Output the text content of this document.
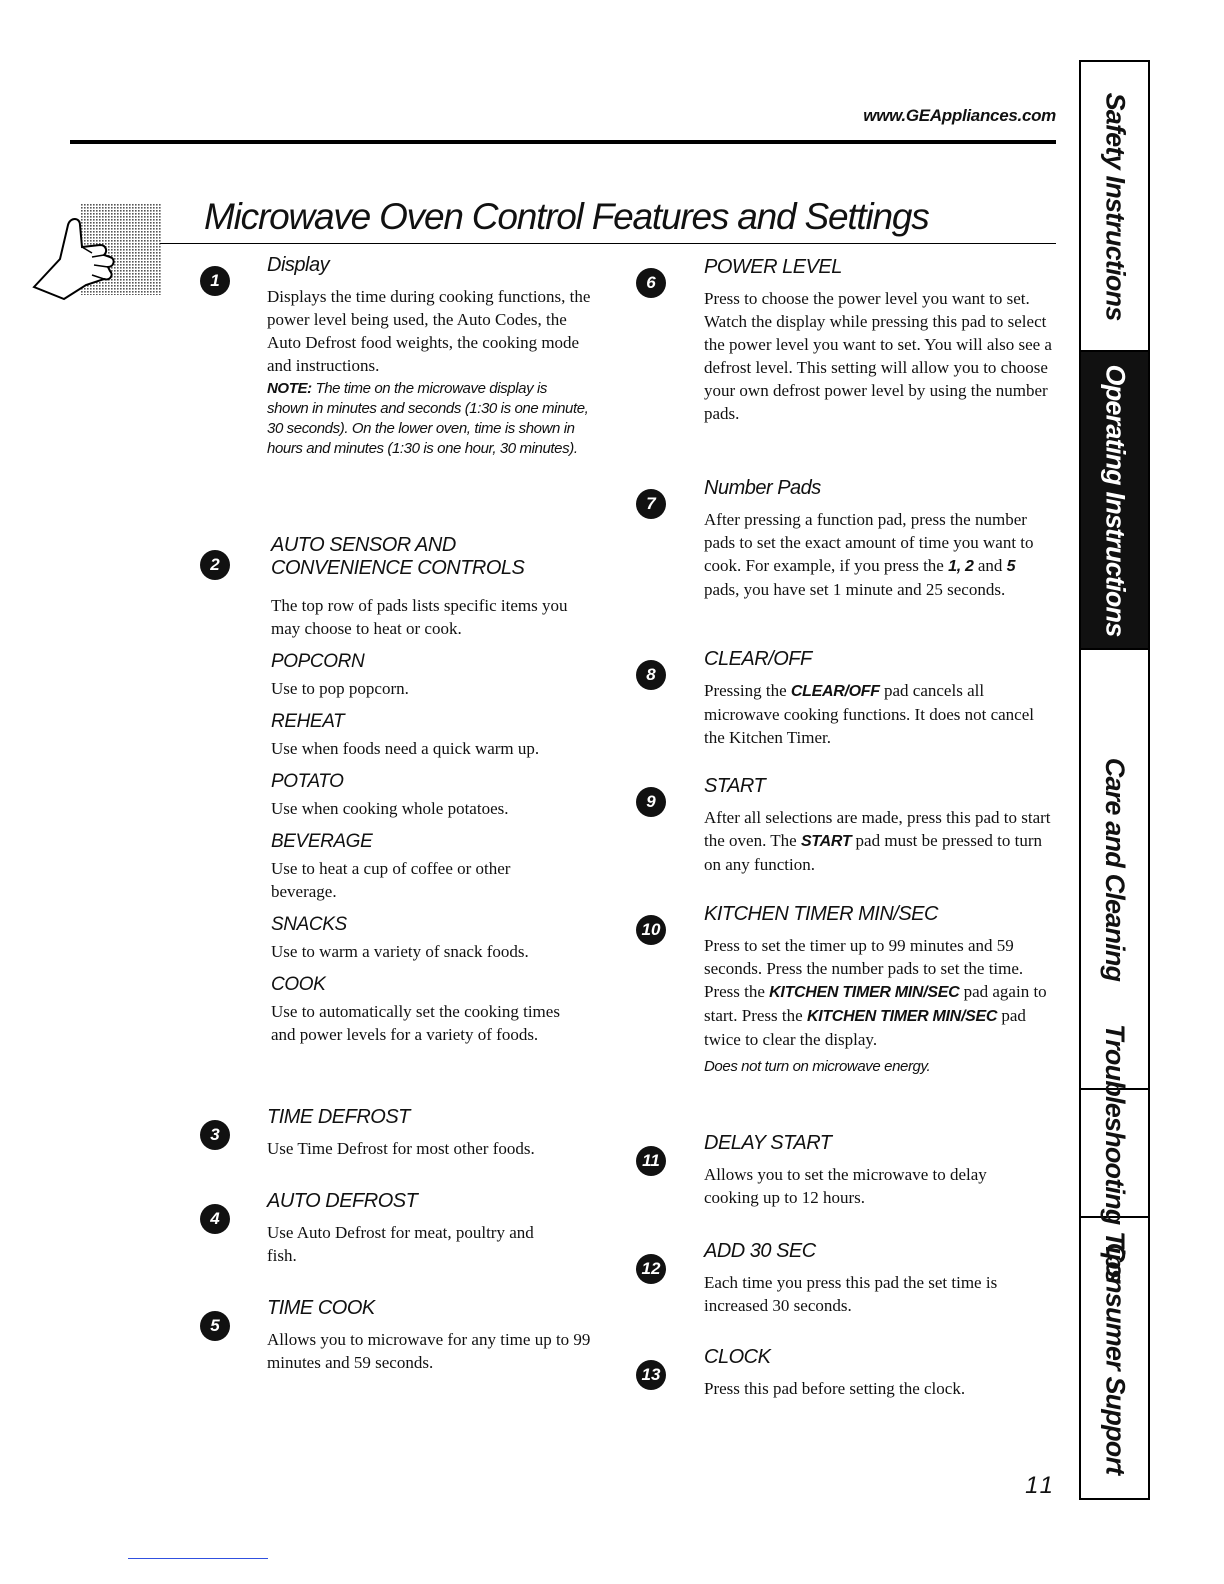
www.GEAppliances.com
Microwave Oven Control Features and Settings
1

Display

Displays the time during cooking functions, the power level being used, the Auto Codes, the Auto Defrost food weights, the cooking mode and instructions.

NOTE: The time on the microwave display is shown in minutes and seconds (1:30 is one minute, 30 seconds). On the lower oven, time is shown in hours and minutes (1:30 is one hour, 30 minutes).

2

AUTO SENSOR AND CONVENIENCE CONTROLS

The top row of pads lists specific items you may choose to heat or cook.

POPCORN

Use to pop popcorn.

REHEAT

Use when foods need a quick warm up.

POTATO

Use when cooking whole potatoes.

BEVERAGE

Use to heat a cup of coffee or other beverage.

SNACKS

Use to warm a variety of snack foods.

COOK

Use to automatically set the cooking times and power levels for a variety of foods.

3

TIME DEFROST

Use Time Defrost for most other foods.

4

AUTO DEFROST

Use Auto Defrost for meat, poultry and fish.

5

TIME COOK

Allows you to microwave for any time up to 99 minutes and 59 seconds.

6

POWER LEVEL

Press to choose the power level you want to set. Watch the display while pressing this pad to select the power level you want to set. You will also see a defrost level. This setting will allow you to choose your own defrost power level by using the number pads.

7

Number Pads

After pressing a function pad, press the number pads to set the exact amount of time you want to cook. For example, if you press the 1, 2 and 5 pads, you have set 1 minute and 25 seconds.

8

CLEAR/OFF

Pressing the CLEAR/OFF pad cancels all microwave cooking functions. It does not cancel the Kitchen Timer.

9

START

After all selections are made, press this pad to start the oven. The START pad must be pressed to turn on any function.

10

KITCHEN TIMER MIN/SEC

Press to set the timer up to 99 minutes and 59 seconds. Press the number pads to set the time. Press the KITCHEN TIMER MIN/SEC pad again to start. Press the KITCHEN TIMER MIN/SEC pad twice to clear the display.

Does not turn on microwave energy.

11

DELAY START

Allows you to set the microwave to delay cooking up to 12 hours.

12

ADD 30 SEC

Each time you press this pad the set time is increased 30 seconds.

13

CLOCK

Press this pad before setting the clock.

Safety Instructions
Operating Instructions
Care and Cleaning
Troubleshooting Tips
Consumer Support
11
